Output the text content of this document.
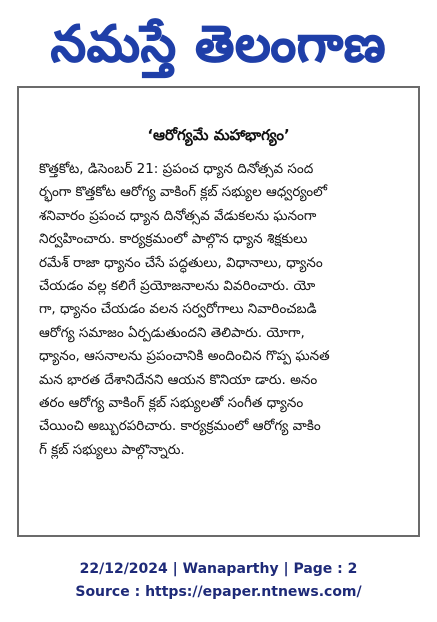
నమస్తే తెలంగాణ
‘ఆరోగ్యమే మహాభాగ్యం’
కొత్తకోట, డిసెంబర్ 21: ప్రపంచ ధ్యాన దినోత్సవ సంద
ర్భంగా కొత్తకోట ఆరోగ్య వాకింగ్ క్లబ్ సభ్యుల ఆధ్వర్యంలో
శనివారం ప్రపంచ ధ్యాన దినోత్సవ వేడుకలను ఘనంగా
నిర్వహించారు. కార్యక్రమంలో పాల్గొన ధ్యాన శిక్షకులు
రమేశ్ రాజా ధ్యానం చేసే పద్ధతులు, విధానాలు, ధ్యానం
చేయడం వల్ల కలిగే ప్రయోజనాలను వివరించారు. యో
గా, ధ్యానం చేయడం వలన సర్వరోగాలు నివారించబడి
ఆరోగ్య సమాజం ఏర్పడుతుందని తెలిపారు. యోగా,
ధ్యానం, ఆసనాలను ప్రపంచానికి అందించిన గొప్ప ఘనత
మన భారత దేశానిదేనని ఆయన కొనియా డారు. అనం
తరం ఆరోగ్య వాకింగ్ క్లబ్ సభ్యులతో సంగీత ధ్యానం
చేయించి అబ్బురపరిచారు. కార్యక్రమంలో ఆరోగ్య వాకిం
గ్ క్లబ్ సభ్యులు పాల్గొన్నారు.
22/12/2024 | Wanaparthy | Page : 2
Source : https://epaper.ntnews.com/
